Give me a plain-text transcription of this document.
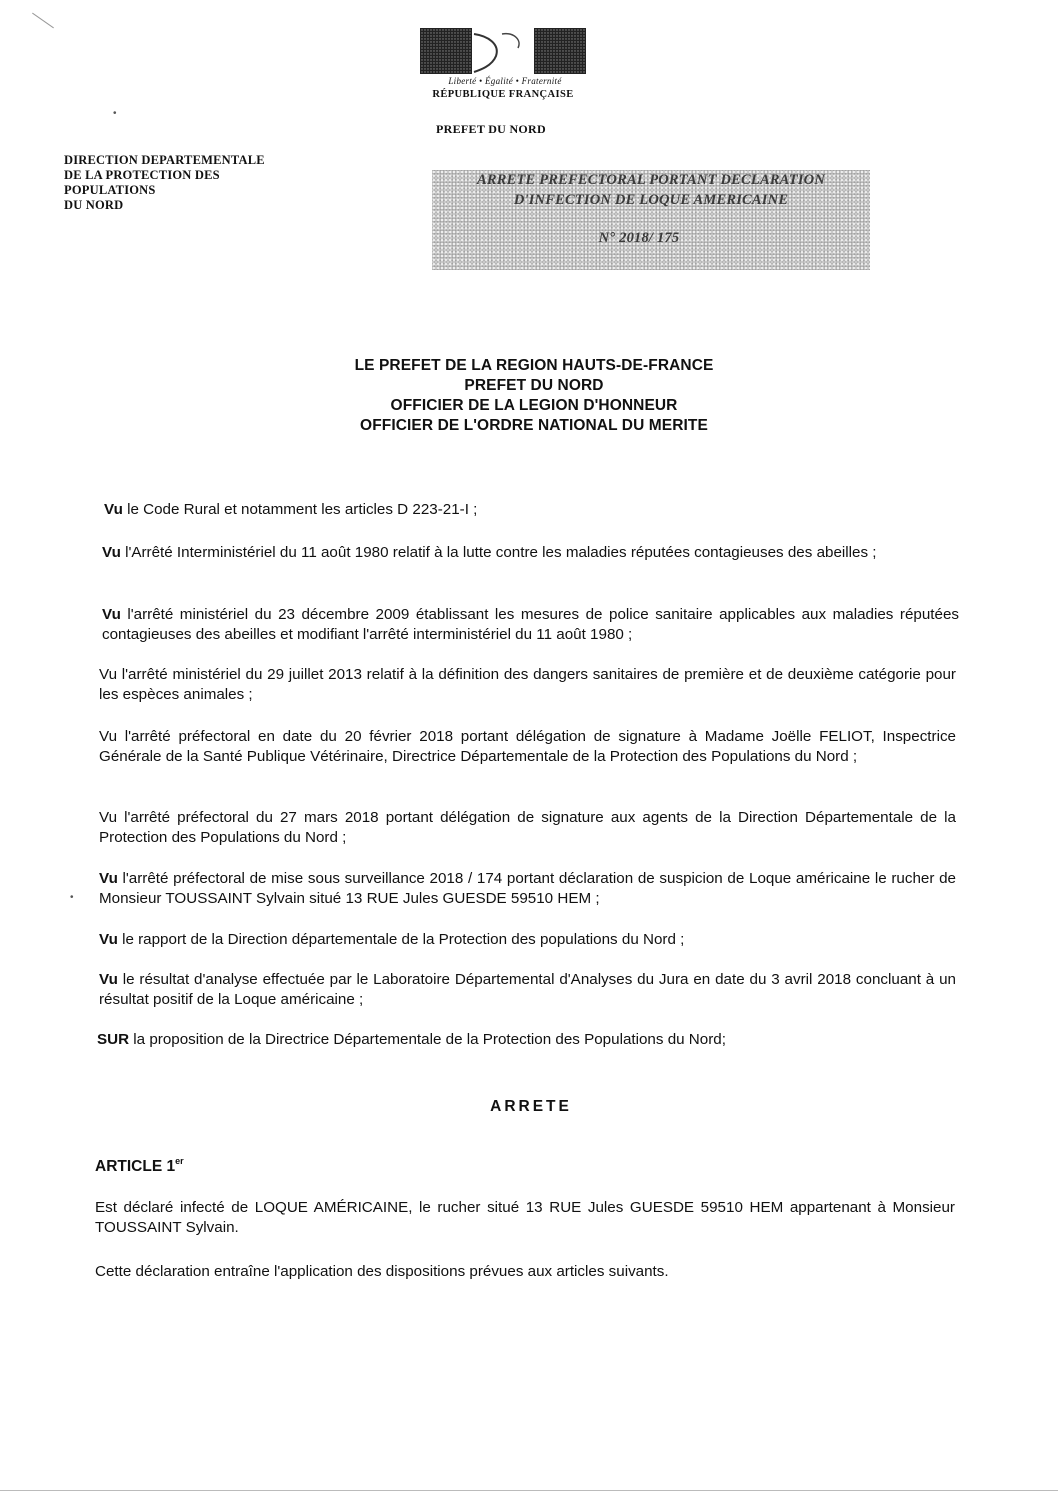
Liberté • Égalité • Fraternité
RÉPUBLIQUE FRANÇAISE
PREFET DU NORD
DIRECTION DEPARTEMENTALE
DE LA PROTECTION DES
POPULATIONS
DU NORD
ARRETE PREFECTORAL PORTANT DECLARATION
D'INFECTION DE LOQUE AMERICAINE
N° 2018/ 175
LE PREFET DE LA REGION HAUTS-DE-FRANCE
PREFET DU NORD
OFFICIER DE LA LEGION D'HONNEUR
OFFICIER DE L'ORDRE NATIONAL DU MERITE
Vu le Code Rural et notamment les articles D 223-21-I ;
Vu l'Arrêté Interministériel du 11 août 1980 relatif à la lutte contre les maladies réputées contagieuses des abeilles ;
Vu l'arrêté ministériel du 23 décembre 2009 établissant les mesures de police sanitaire applicables aux maladies réputées contagieuses des abeilles et modifiant l'arrêté interministériel du 11 août 1980 ;
Vu l'arrêté ministériel du 29 juillet 2013 relatif à la définition des dangers sanitaires de première et de deuxième catégorie pour les espèces animales ;
Vu l'arrêté préfectoral en date du 20 février 2018 portant délégation de signature à Madame Joëlle FELIOT, Inspectrice Générale de la Santé Publique Vétérinaire, Directrice Départementale de la Protection des Populations du Nord ;
Vu l'arrêté préfectoral du 27 mars 2018 portant délégation de signature aux agents de la Direction Départementale de la Protection des Populations du Nord ;
Vu l'arrêté préfectoral de mise sous surveillance 2018 / 174 portant déclaration de suspicion de Loque américaine le rucher de Monsieur TOUSSAINT Sylvain situé 13 RUE Jules GUESDE 59510 HEM ;
Vu le rapport de la Direction départementale de la Protection des populations du Nord ;
Vu le résultat d'analyse effectuée par le Laboratoire Départemental d'Analyses du Jura en date du 3 avril 2018 concluant à un résultat positif de la Loque américaine ;
SUR la proposition de la Directrice Départementale de la Protection des Populations du Nord;
ARRETE
ARTICLE 1er
Est déclaré infecté de LOQUE AMÉRICAINE, le rucher situé 13 RUE Jules GUESDE 59510 HEM appartenant à Monsieur TOUSSAINT Sylvain.
Cette déclaration entraîne l'application des dispositions prévues aux articles suivants.
•
•
